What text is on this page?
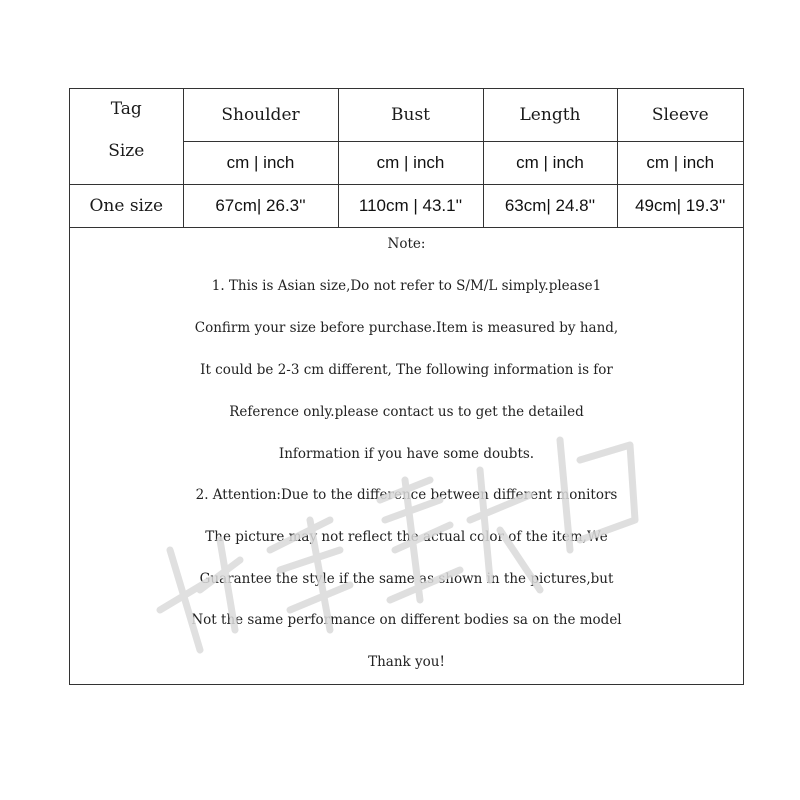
Tag
Size	Shoulder	Bust	Length	Sleeve
	cm | inch	cm | inch	cm | inch	cm | inch
One size	67cm| 26.3''	110cm | 43.1''	63cm| 24.8''	49cm| 19.3''
Note:
1. This is Asian size,Do not refer to S/M/L simply.please1
Confirm your size before purchase.Item is measured by hand,
It could be 2-3 cm different, The following information is for
Reference only.please contact us to get the detailed
Information if you have some doubts.
2. Attention:Due to the difference between different monitors
The picture may not reflect the actual color of the item,We
Guarantee the style if the same as shown in the pictures,but
Not the same performance on different bodies sa on the model
Thank you!
